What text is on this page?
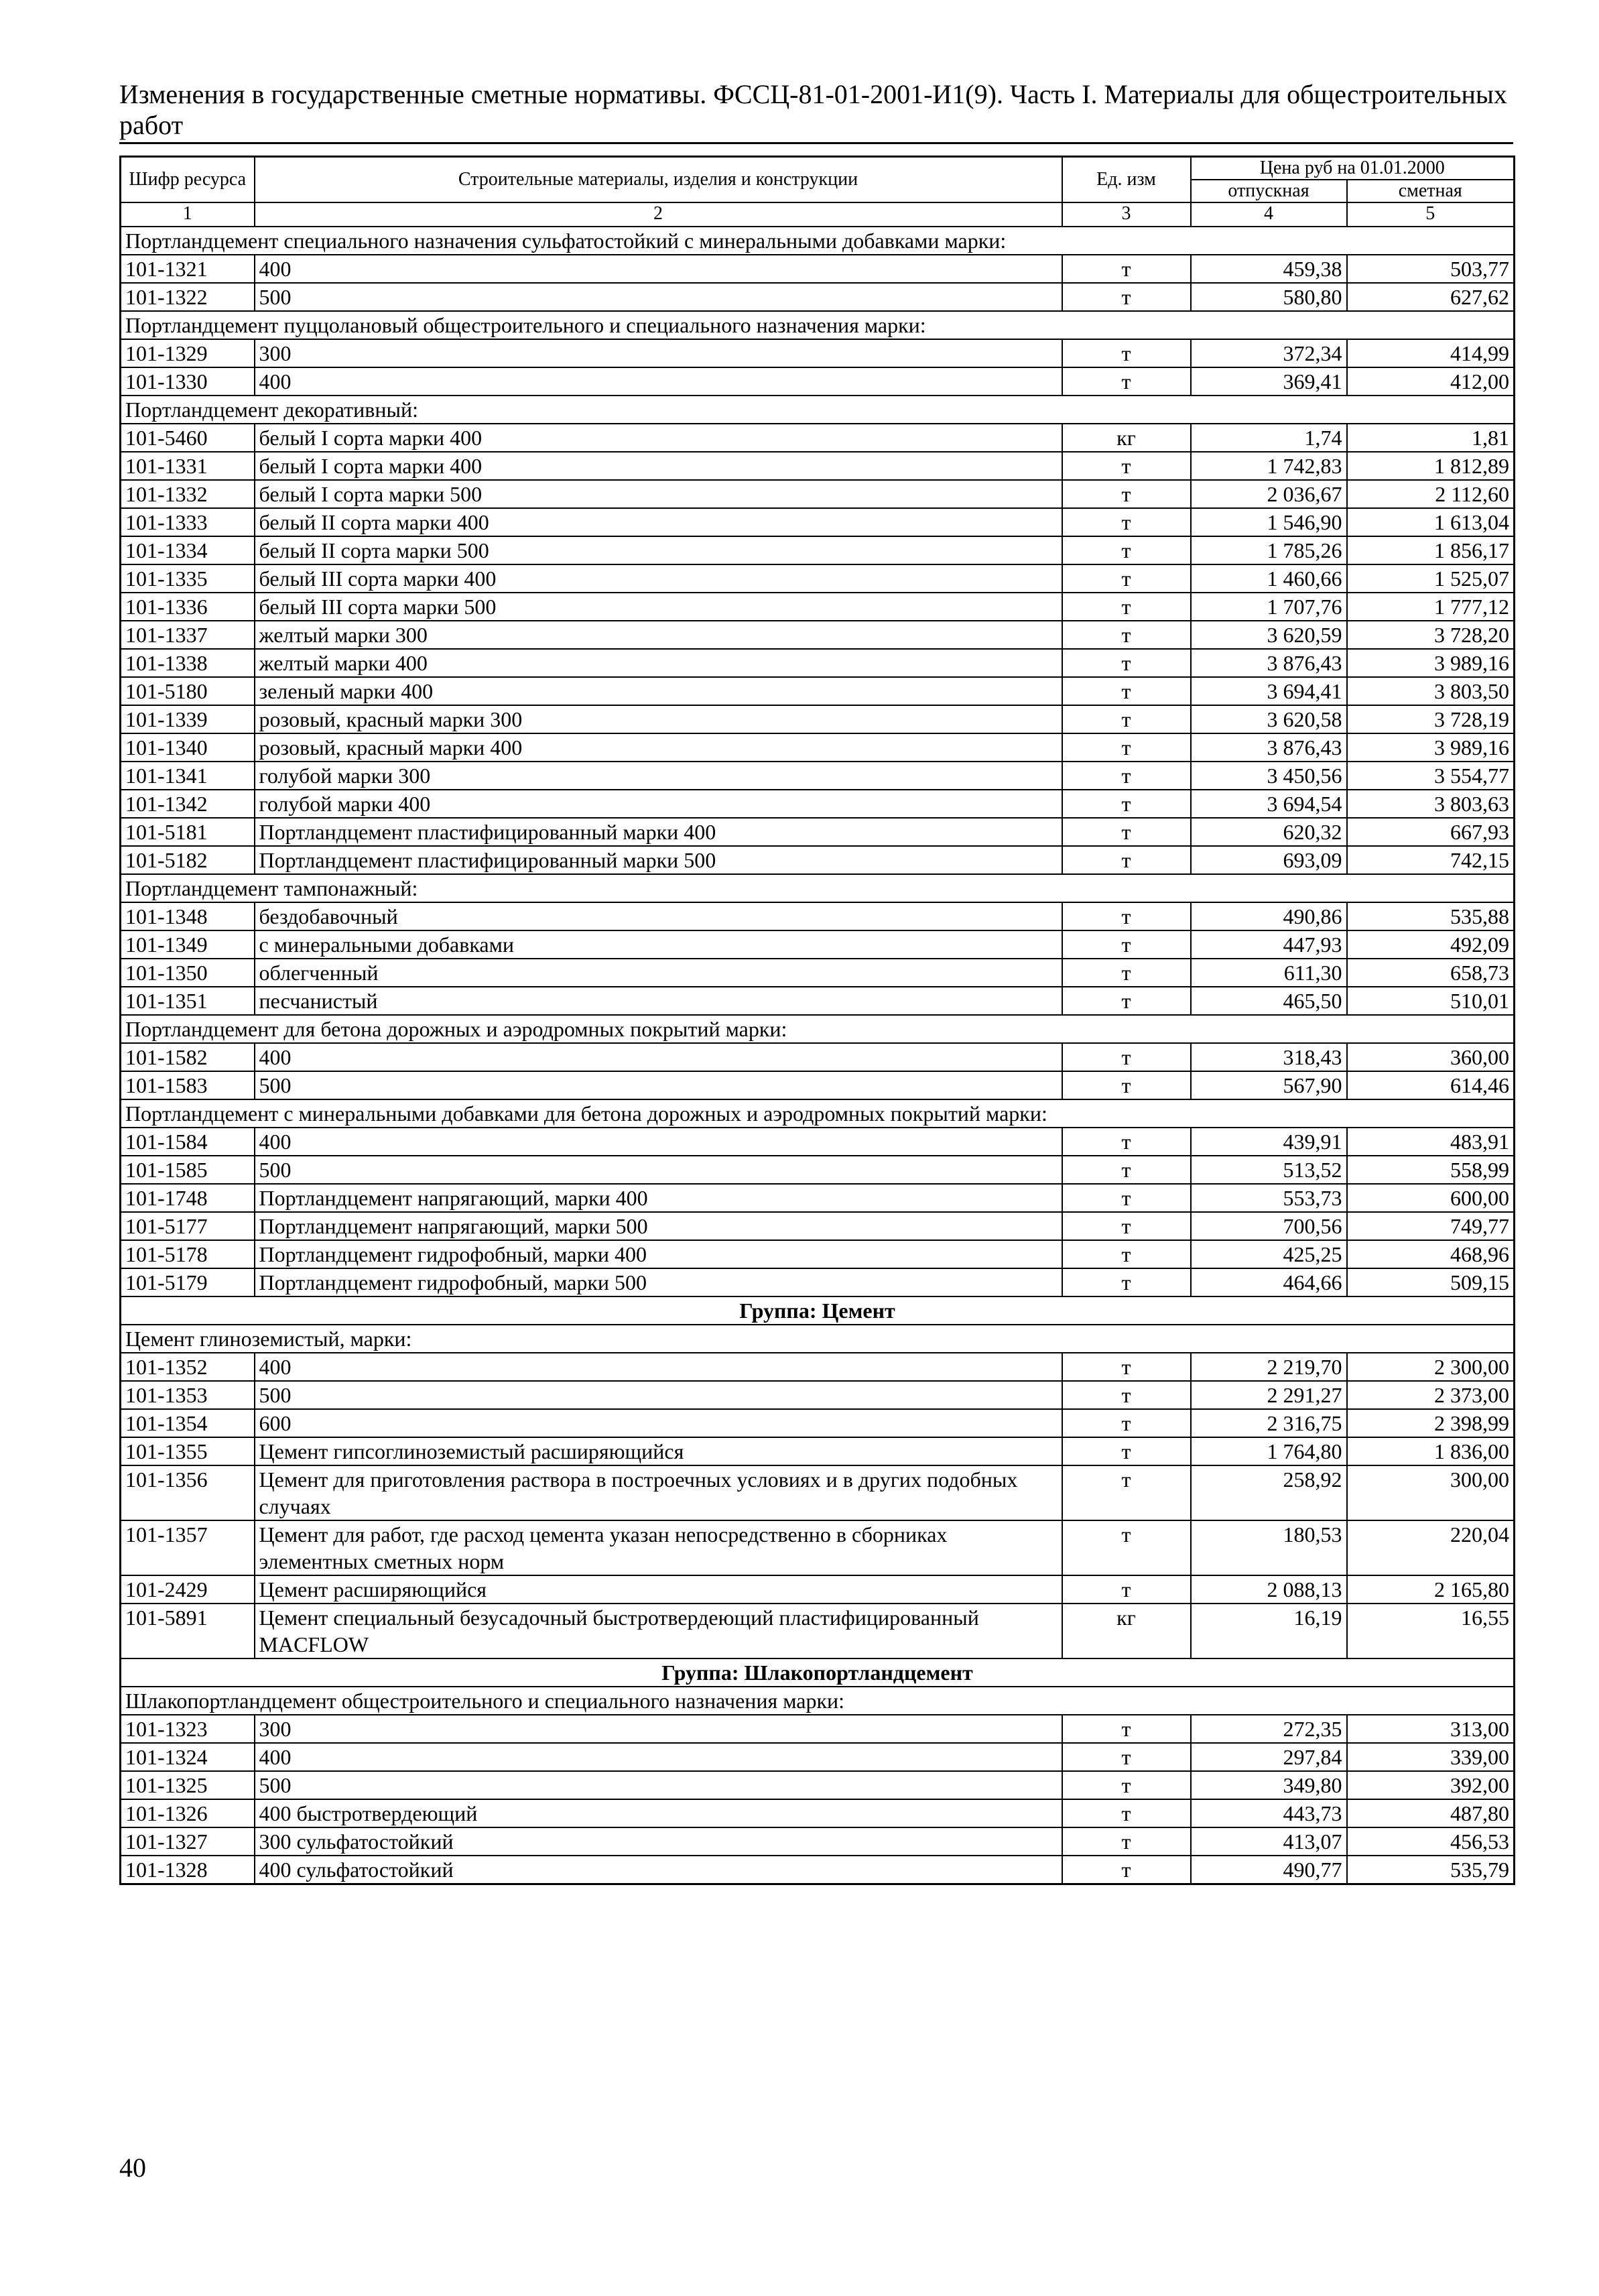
Изменения в государственные сметные нормативы. ФССЦ-81-01-2001-И1(9). Часть I. Материалы для общестроительных работ
Шифр ресурса	Строительные материалы, изделия и конструкции	Ед. изм	Цена руб на 01.01.2000	
			отпускная	сметная
1	2	3	4	5
Портландцемент специального назначения сульфатостойкий с минеральными добавками марки:				
101-1321	400	т	459,38	503,77
101-1322	500	т	580,80	627,62
Портландцемент пуццолановый общестроительного и специального назначения марки:				
101-1329	300	т	372,34	414,99
101-1330	400	т	369,41	412,00
Портландцемент декоративный:				
101-5460	белый I сорта марки 400	кг	1,74	1,81
101-1331	белый I сорта марки 400	т	1 742,83	1 812,89
101-1332	белый I сорта марки 500	т	2 036,67	2 112,60
101-1333	белый II сорта марки 400	т	1 546,90	1 613,04
101-1334	белый II сорта марки 500	т	1 785,26	1 856,17
101-1335	белый III сорта марки 400	т	1 460,66	1 525,07
101-1336	белый III сорта марки 500	т	1 707,76	1 777,12
101-1337	желтый марки 300	т	3 620,59	3 728,20
101-1338	желтый марки 400	т	3 876,43	3 989,16
101-5180	зеленый марки 400	т	3 694,41	3 803,50
101-1339	розовый, красный марки 300	т	3 620,58	3 728,19
101-1340	розовый, красный марки 400	т	3 876,43	3 989,16
101-1341	голубой марки 300	т	3 450,56	3 554,77
101-1342	голубой марки 400	т	3 694,54	3 803,63
101-5181	Портландцемент пластифицированный марки 400	т	620,32	667,93
101-5182	Портландцемент пластифицированный марки 500	т	693,09	742,15
Портландцемент тампонажный:				
101-1348	бездобавочный	т	490,86	535,88
101-1349	с минеральными добавками	т	447,93	492,09
101-1350	облегченный	т	611,30	658,73
101-1351	песчанистый	т	465,50	510,01
Портландцемент для бетона дорожных и аэродромных покрытий марки:				
101-1582	400	т	318,43	360,00
101-1583	500	т	567,90	614,46
Портландцемент с минеральными добавками для бетона дорожных и аэродромных покрытий марки:				
101-1584	400	т	439,91	483,91
101-1585	500	т	513,52	558,99
101-1748	Портландцемент напрягающий, марки 400	т	553,73	600,00
101-5177	Портландцемент напрягающий, марки 500	т	700,56	749,77
101-5178	Портландцемент гидрофобный, марки 400	т	425,25	468,96
101-5179	Портландцемент гидрофобный, марки 500	т	464,66	509,15
Группа: Цемент				
Цемент глиноземистый, марки:				
101-1352	400	т	2 219,70	2 300,00
101-1353	500	т	2 291,27	2 373,00
101-1354	600	т	2 316,75	2 398,99
101-1355	Цемент гипсоглиноземистый расширяющийся	т	1 764,80	1 836,00
101-1356	Цемент для приготовления раствора в построечных условиях и в других подобных случаях	т	258,92	300,00
101-1357	Цемент для работ, где расход цемента указан непосредственно в сборниках элементных сметных норм	т	180,53	220,04
101-2429	Цемент расширяющийся	т	2 088,13	2 165,80
101-5891	Цемент специальный безусадочный быстротвердеющий пластифицированный MACFLOW	кг	16,19	16,55
Группа: Шлакопортландцемент				
Шлакопортландцемент общестроительного и специального назначения марки:				
101-1323	300	т	272,35	313,00
101-1324	400	т	297,84	339,00
101-1325	500	т	349,80	392,00
101-1326	400 быстротвердеющий	т	443,73	487,80
101-1327	300 сульфатостойкий	т	413,07	456,53
101-1328	400 сульфатостойкий	т	490,77	535,79
40
